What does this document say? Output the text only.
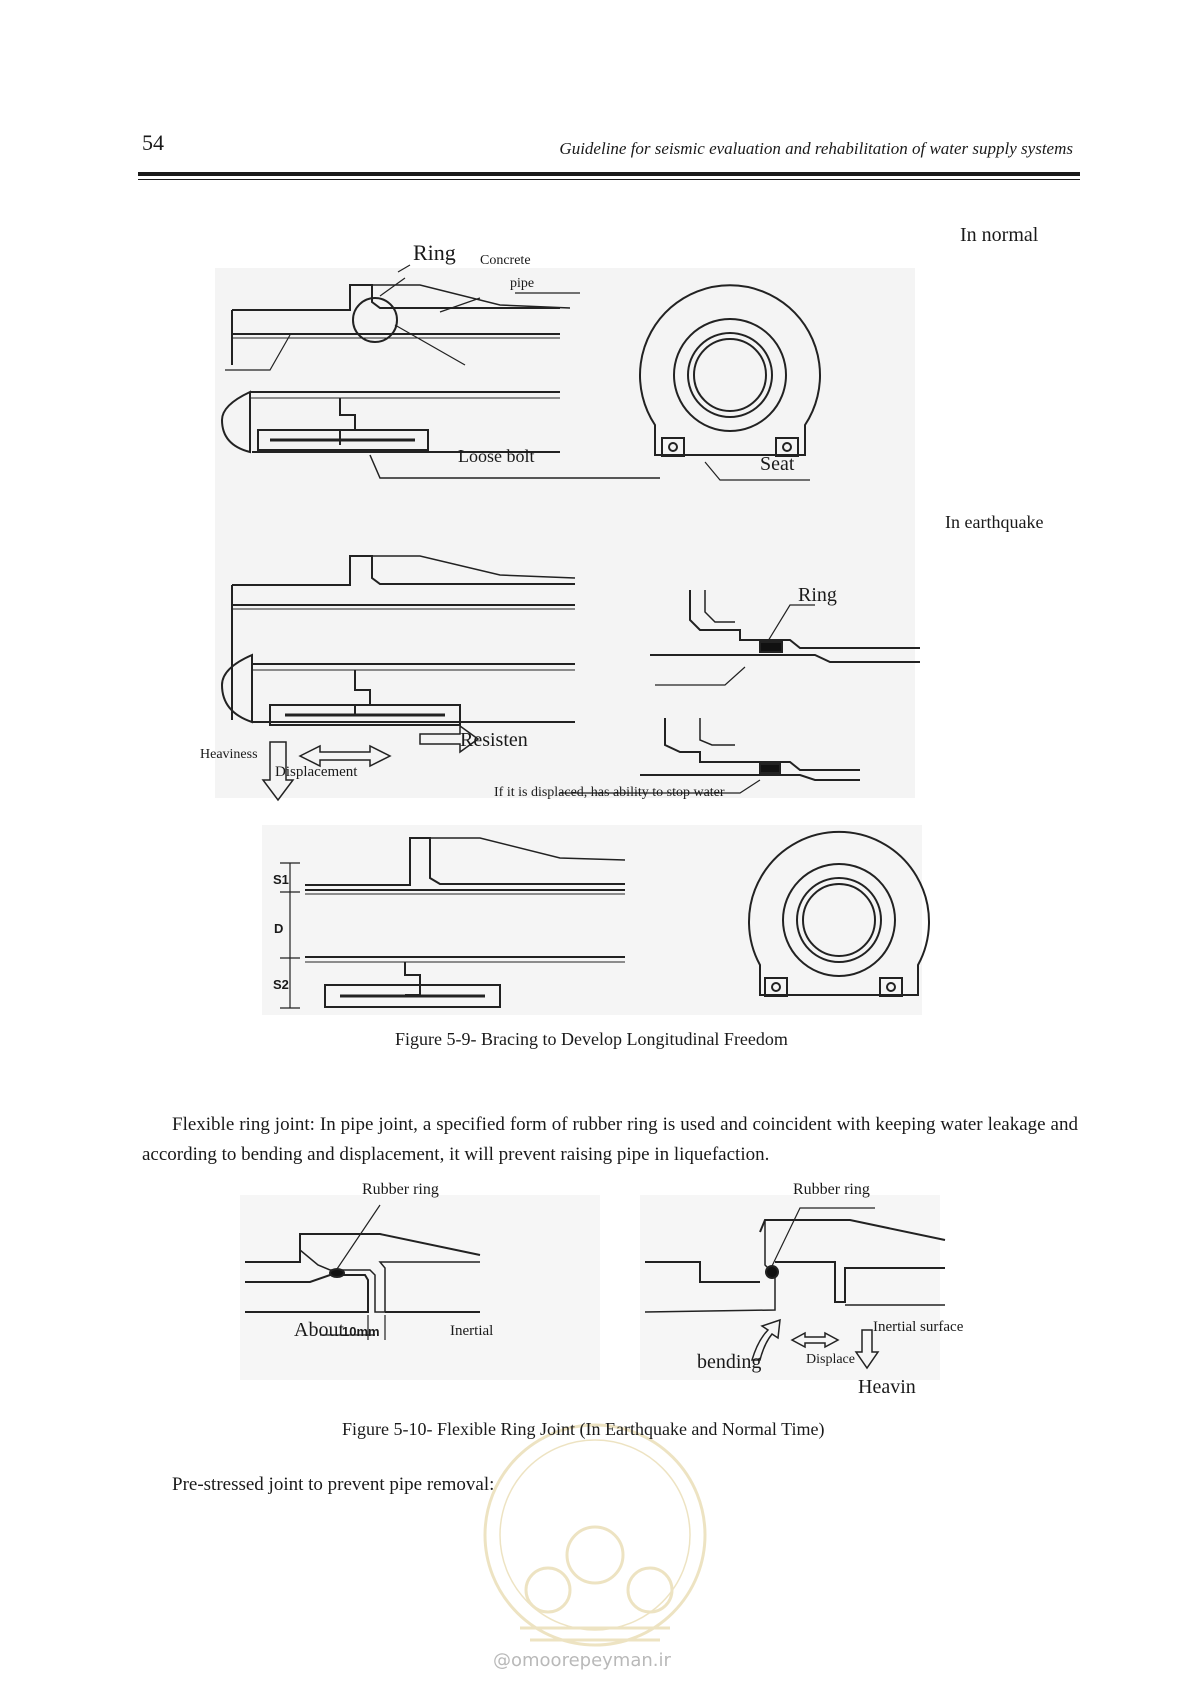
54	Guideline for seismic evaluation and rehabilitation of water supply systems
In normal
In earthquake
Ring Concrete
pipe
Loose bolt	Seat
Ring
Heaviness
Displacement
Resisten
If it is displaced, has ability to stop water
S1
D
S2
Figure 5-9- Bracing to Develop Longitudinal Freedom
Flexible ring joint: In pipe joint, a specified form of rubber ring is used and coincident with keeping water leakage and according to bending and displacement, it will prevent raising pipe in liquefaction.
Rubber ring	Rubber ring
About
10mm	Inertial	Inertial surface
bending	Displace
Heavin
Figure 5-10- Flexible Ring Joint (In Earthquake and Normal Time)
Pre-stressed joint to prevent pipe removal:
@omoorepeyman.ir
